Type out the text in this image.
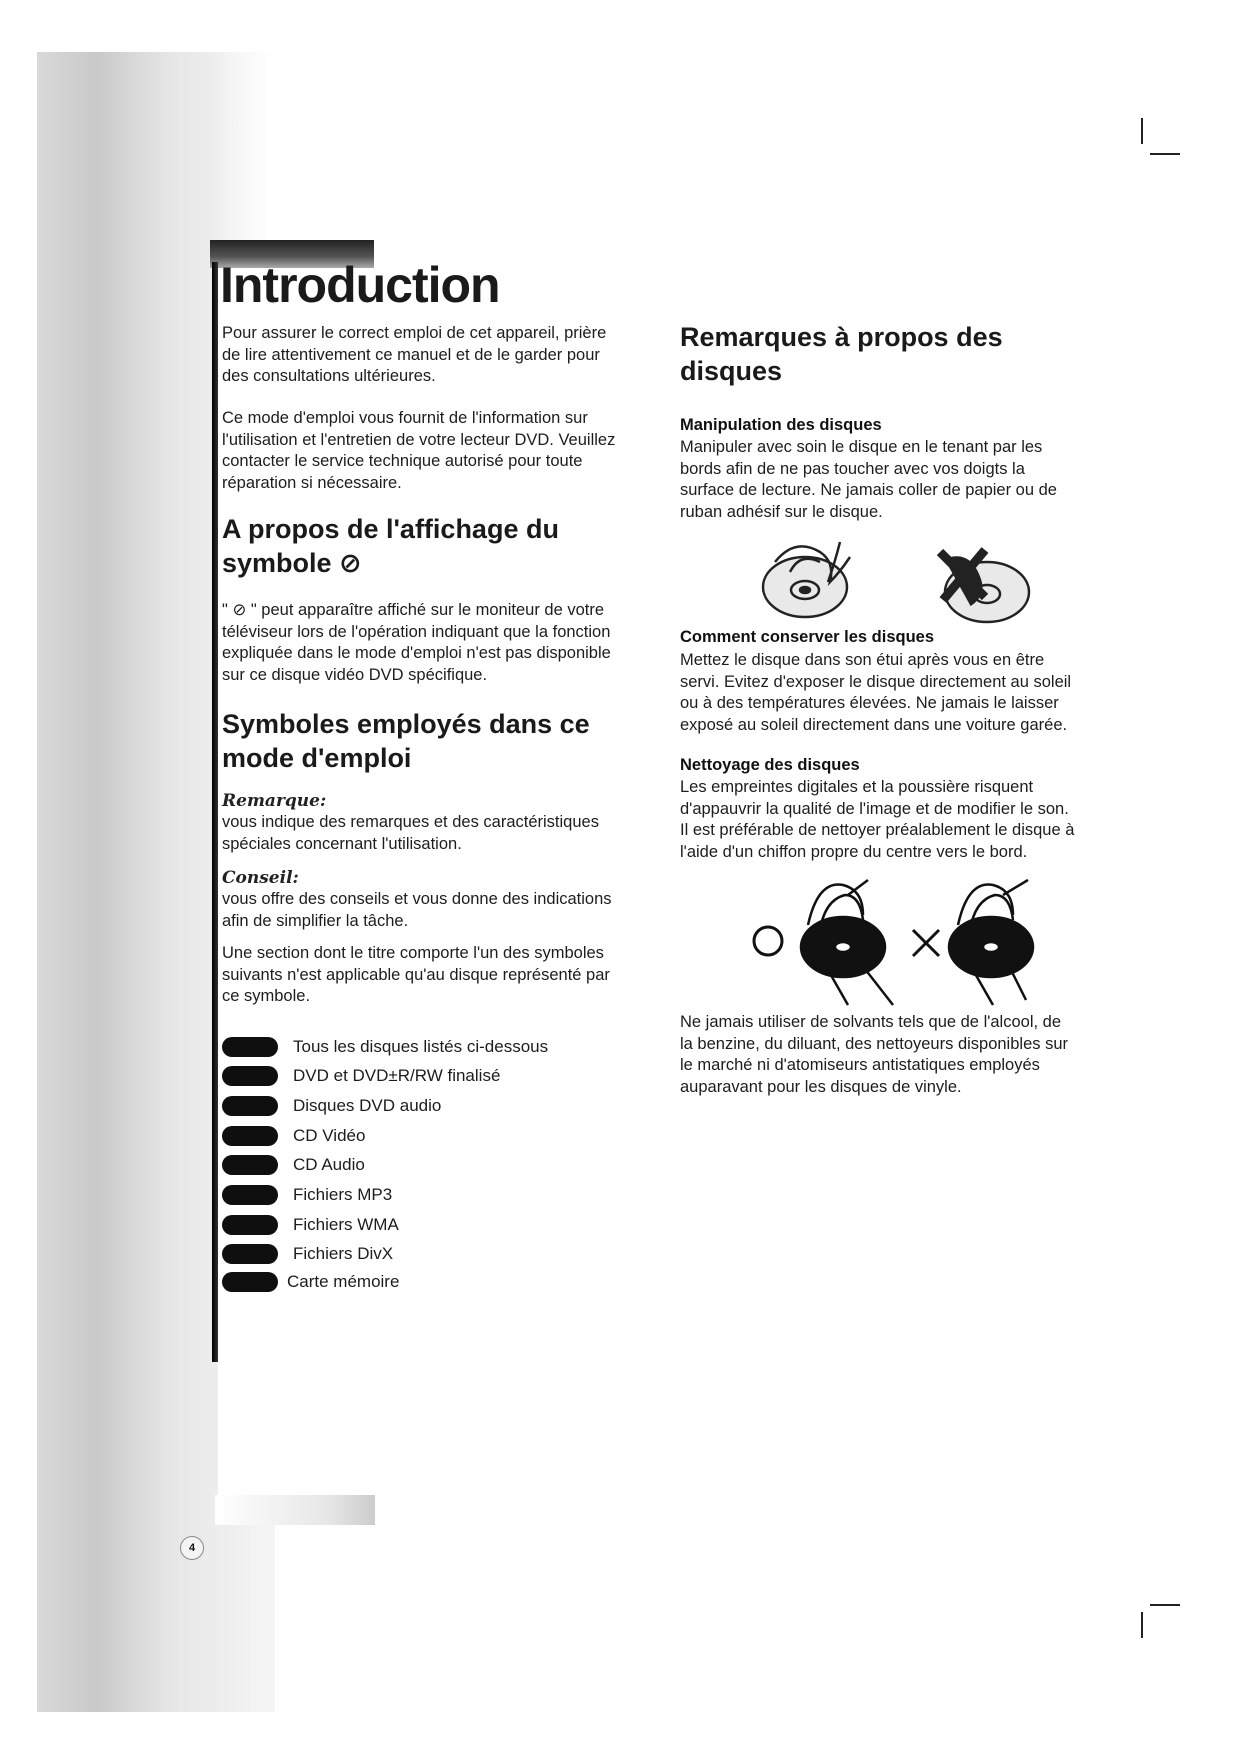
4
Introduction
Pour assurer le correct emploi de cet appareil, prière
de lire attentivement ce manuel et de le garder pour
des consultations ultérieures.
Ce mode d'emploi vous fournit de l'information sur
l'utilisation et l'entretien de votre lecteur DVD. Veuillez
contacter le service technique autorisé pour toute
réparation si nécessaire.
A propos de l'affichage du
symbole ⊘
" ⊘ " peut apparaître affiché sur le moniteur de votre
téléviseur lors de l'opération indiquant que la fonction
expliquée dans le mode d'emploi n'est pas disponible
sur ce disque vidéo DVD spécifique.
Symboles employés dans ce
mode d'emploi
Remarque:
vous indique des remarques et des caractéristiques
spéciales concernant l'utilisation.
Conseil:
vous offre des conseils et vous donne des indications
afin de simplifier la tâche.
Une section dont le titre comporte l'un des symboles
suivants n'est applicable qu'au disque représenté par
ce symbole.
Tous les disques listés ci-dessous
DVD et DVD±R/RW finalisé
Disques DVD audio
CD Vidéo
CD Audio
Fichiers MP3
Fichiers WMA
Fichiers DivX
Carte mémoire
Remarques à propos des
disques
Manipulation des disques
Manipuler avec soin le disque en le tenant par les
bords afin de ne pas toucher avec vos doigts la
surface de lecture. Ne jamais coller de papier ou de
ruban adhésif sur le disque.
Comment conserver les disques
Mettez le disque dans son étui après vous en être
servi. Evitez d'exposer le disque directement au soleil
ou à des températures élevées. Ne jamais le laisser
exposé au soleil directement dans une voiture garée.
Nettoyage des disques
Les empreintes digitales et la poussière risquent
d'appauvrir la qualité de l'image et de modifier le son.
Il est préférable de nettoyer préalablement le disque à
l'aide d'un chiffon propre du centre vers le bord.
Ne jamais utiliser de solvants tels que de l'alcool, de
la benzine, du diluant, des nettoyeurs disponibles sur
le marché ni d'atomiseurs antistatiques employés
auparavant pour les disques de vinyle.
